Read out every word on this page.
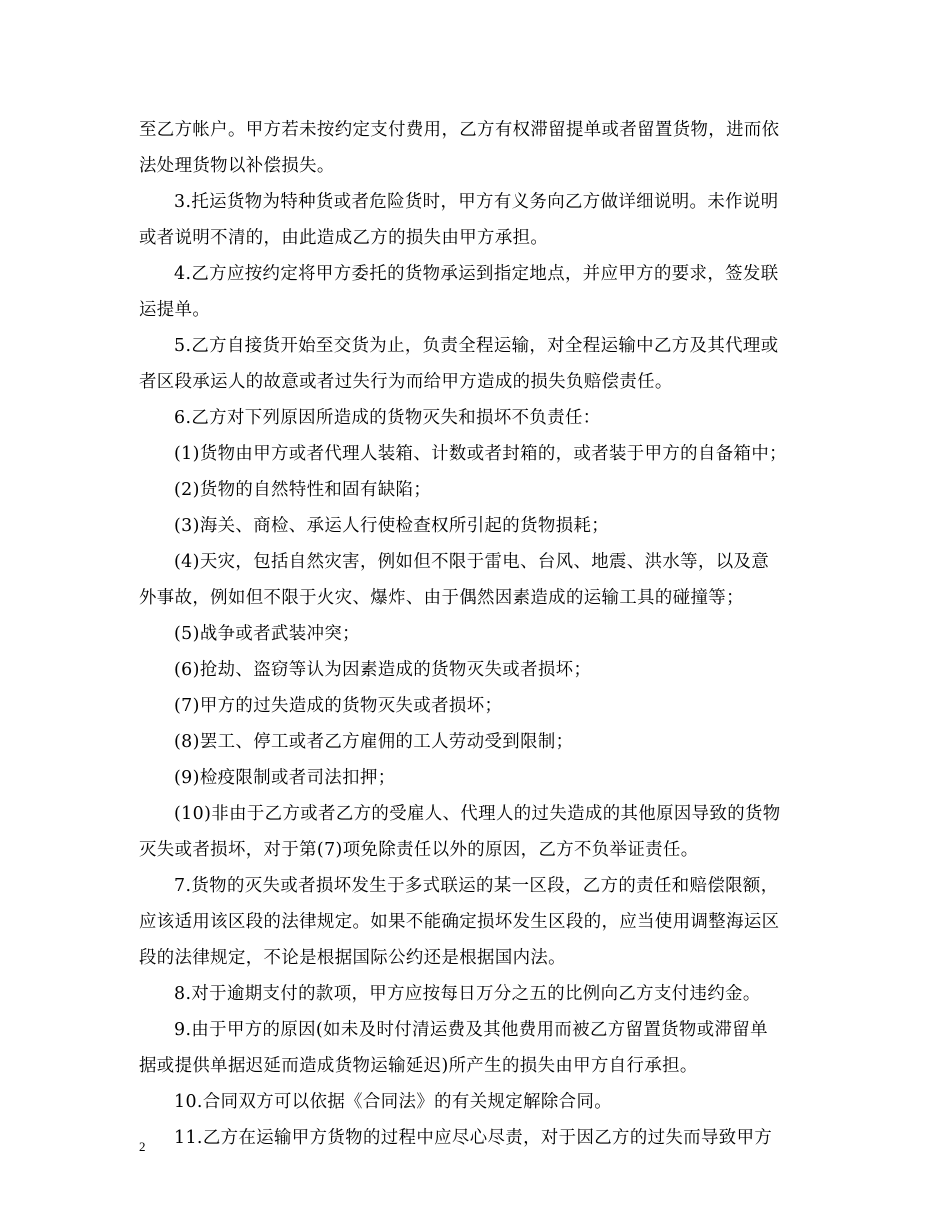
至乙方帐户。甲方若未按约定支付费用，乙方有权滞留提单或者留置货物，进而依
法处理货物以补偿损失。
3.托运货物为特种货或者危险货时，甲方有义务向乙方做详细说明。未作说明
或者说明不清的，由此造成乙方的损失由甲方承担。
4.乙方应按约定将甲方委托的货物承运到指定地点，并应甲方的要求，签发联
运提单。
5.乙方自接货开始至交货为止，负责全程运输，对全程运输中乙方及其代理或
者区段承运人的故意或者过失行为而给甲方造成的损失负赔偿责任。
6.乙方对下列原因所造成的货物灭失和损坏不负责任：
(1)货物由甲方或者代理人装箱、计数或者封箱的，或者装于甲方的自备箱中；
(2)货物的自然特性和固有缺陷；
(3)海关、商检、承运人行使检查权所引起的货物损耗；
(4)天灾，包括自然灾害，例如但不限于雷电、台风、地震、洪水等，以及意
外事故，例如但不限于火灾、爆炸、由于偶然因素造成的运输工具的碰撞等；
(5)战争或者武装冲突；
(6)抢劫、盗窃等认为因素造成的货物灭失或者损坏；
(7)甲方的过失造成的货物灭失或者损坏；
(8)罢工、停工或者乙方雇佣的工人劳动受到限制；
(9)检疫限制或者司法扣押；
(10)非由于乙方或者乙方的受雇人、代理人的过失造成的其他原因导致的货物
灭失或者损坏，对于第(7)项免除责任以外的原因，乙方不负举证责任。
7.货物的灭失或者损坏发生于多式联运的某一区段，乙方的责任和赔偿限额，
应该适用该区段的法律规定。如果不能确定损坏发生区段的，应当使用调整海运区
段的法律规定，不论是根据国际公约还是根据国内法。
8.对于逾期支付的款项，甲方应按每日万分之五的比例向乙方支付违约金。
9.由于甲方的原因(如未及时付清运费及其他费用而被乙方留置货物或滞留单
据或提供单据迟延而造成货物运输延迟)所产生的损失由甲方自行承担。
10.合同双方可以依据《合同法》的有关规定解除合同。
11.乙方在运输甲方货物的过程中应尽心尽责，对于因乙方的过失而导致甲方
2
